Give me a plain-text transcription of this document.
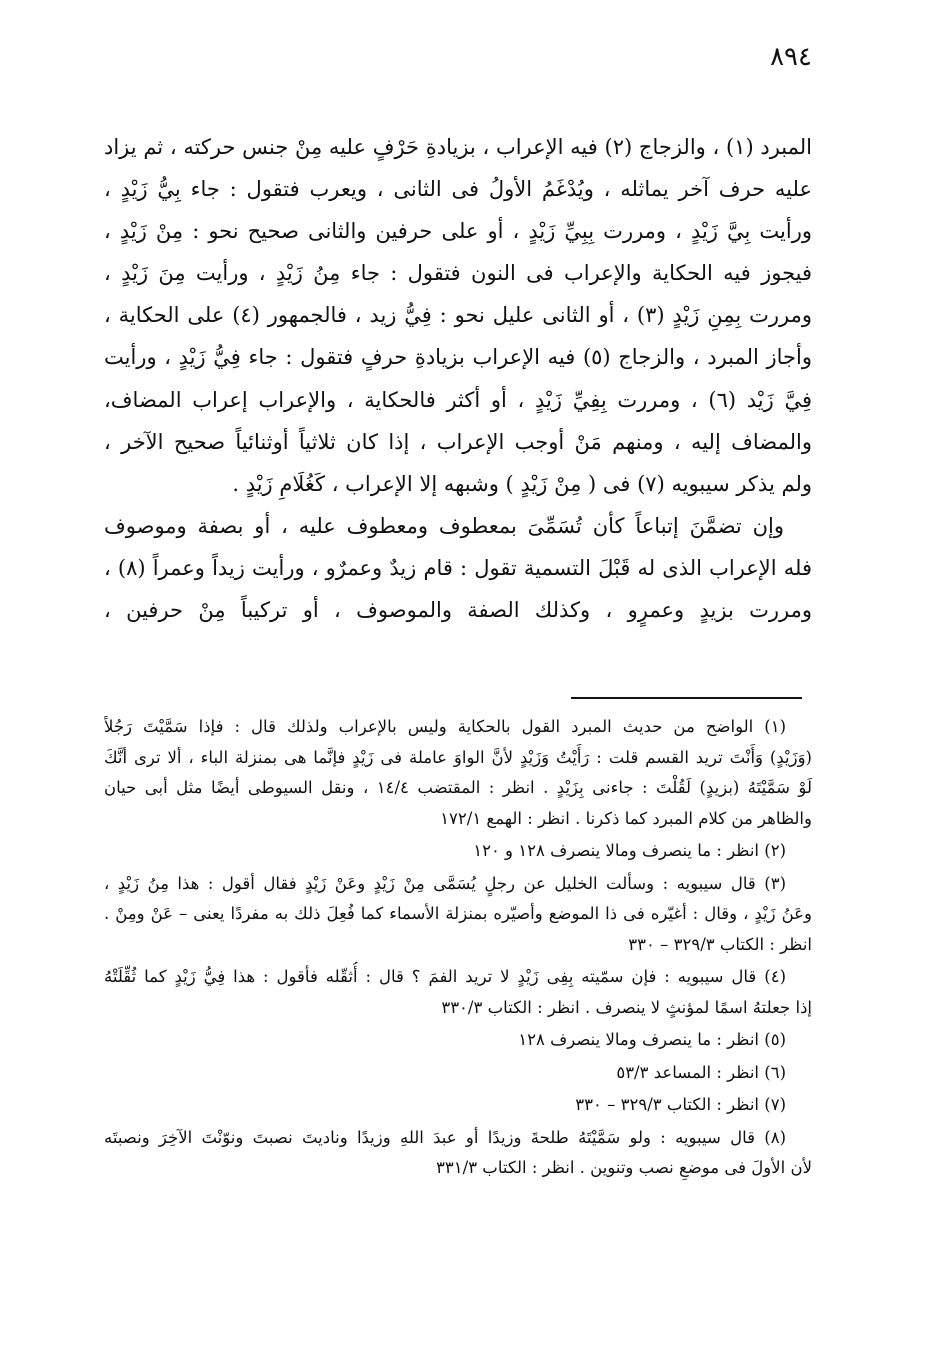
٨٩٤
المبرد (١) ، والزجاج (٢) فيه الإعراب ، بزيادةِ حَرْفٍ عليه مِنْ جنس حركته ، ثم يزاد
عليه حرف آخر يماثله ، ويُدْغَمُ الأولُ فى الثانى ، ويعرب فتقول : جاء بِيُّ زَيْدٍ ،
ورأيت بِيَّ زَيْدٍ ، ومررت بِبِيِّ زَيْدٍ ، أو على حرفين والثانى صحيح نحو : مِنْ زَيْدٍ ،
فيجوز فيه الحكاية والإعراب فى النون فتقول : جاء مِنُ زَيْدٍ ، ورأيت مِنَ زَيْدٍ ،
ومررت بِمِنِ زَيْدٍ (٣) ، أو الثانى عليل نحو : فِيُّ زيد ، فالجمهور (٤) على الحكاية ،
وأجاز المبرد ، والزجاج (٥) فيه الإعراب بزيادةِ حرفٍ فتقول : جاء فِيُّ زَيْدٍ ، ورأيت
فِيَّ زَيْد (٦) ، ومررت بِفِيِّ زَيْدٍ ، أو أكثر فالحكاية ، والإعراب إعراب المضاف،
والمضاف إليه ، ومنهم مَنْ أوجب الإعراب ، إذا كان ثلاثياً أوثنائياً صحيح الآخر ،
ولم يذكر سيبويه (٧) فى ( مِنْ زَيْدٍ ) وشبهه إلا الإعراب ، كَغُلَامِ زَيْدٍ .
وإن تضمَّنَ إتباعاً كأن تُسَمِّىَ بمعطوف ومعطوف عليه ، أو بصفة وموصوف
فله الإعراب الذى له قَبْلَ التسمية تقول : قام زيدٌ وعمرٌو ، ورأيت زيداً وعمراً (٨) ،
ومررت بزيدٍ وعمرٍو ، وكذلك الصفة والموصوف ، أو تركيباً مِنْ حرفين ،
(١) الواضح من حديث المبرد القول بالحكاية وليس بالإعراب ولذلك قال : فإذا سَمَّيْتَ رَجُلاً
(وَزَيْدٍ) وَأَنْتَ تريد القسم قلت : رَأَيْتُ وَزَيْدٍ لأنَّ الواوَ عاملة فى زَيْدٍ فإنَّما هى بمنزلة الباء ، ألا ترى أنَّكَ
لَوْ سَمَّيْتَهُ (بزيدٍ) لَقُلْتَ : جاءنى بِزَيْدٍ . انظر : المقتضب ١٤/٤ ، ونقل السيوطى أيضًا مثل أبى حيان
والظاهر من كلام المبرد كما ذكرنا . انظر : الهمع ١٧٢/١
(٢) انظر : ما ينصرف ومالا ينصرف ١٢٨ و ١٢٠
(٣) قال سيبويه : وسألت الخليل عن رجلٍ يُسَمَّى مِنْ زَيْدٍ وعَنْ زَيْدٍ فقال أقول : هذا مِنُ زَيْدٍ ،
وعَنُ زَيْدٍ ، وقال : أغيّره فى ذا الموضع وأصيّره بمنزلة الأسماء كما فُعِلَ ذلك به مفردًا يعنى – عَنْ ومِنْ .
انظر : الكتاب ٣٢٩/٣ – ٣٣٠
(٤) قال سيبويه : فإن سمّيته بِفِى زَيْدٍ لا تريد الفمَ ؟ قال : أُثقّله فأقول : هذا فِيُّ زَيْدٍ كما ثُقِّلَتْهُ
إذا جعلتهُ اسمًا لمؤنثٍ لا ينصرف . انظر : الكتاب ٣٣٠/٣
(٥) انظر : ما ينصرف ومالا ينصرف ١٢٨
(٦) انظر : المساعد ٥٣/٣
(٧) انظر : الكتاب ٣٢٩/٣ – ٣٣٠
(٨) قال سيبويه : ولو سَمَّيْتَهُ طلحةَ وزيدًا أو عبدَ اللهِ وزيدًا وناديتَ نصبتَ ونوّنْتَ الآخِرَ ونصبتَه
لأن الأولَ فى موضعِ نصب وتنوين . انظر : الكتاب ٣٣١/٣
